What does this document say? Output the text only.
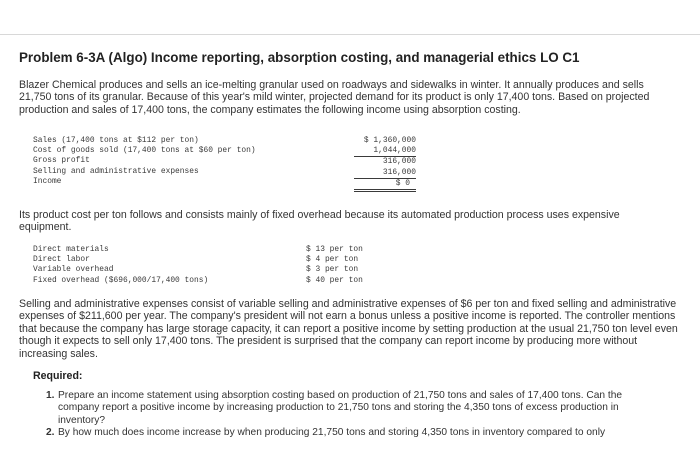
Problem 6-3A (Algo) Income reporting, absorption costing, and managerial ethics LO C1
Blazer Chemical produces and sells an ice-melting granular used on roadways and sidewalks in winter. It annually produces and sells 21,750 tons of its granular. Because of this year's mild winter, projected demand for its product is only 17,400 tons. Based on projected production and sales of 17,400 tons, the company estimates the following income using absorption costing.
Sales (17,400 tons at $112 per ton)
Cost of goods sold (17,400 tons at $60 per ton)
Gross profit
Selling and administrative expenses
Income
$ 1,360,000
1,044,000
316,000
316,000
$ 0
Its product cost per ton follows and consists mainly of fixed overhead because its automated production process uses expensive equipment.
Direct materials
Direct labor
Variable overhead
Fixed overhead ($696,000/17,400 tons)
$ 13 per ton
$ 4 per ton
$ 3 per ton
$ 40 per ton
Selling and administrative expenses consist of variable selling and administrative expenses of $6 per ton and fixed selling and administrative expenses of $211,600 per year. The company's president will not earn a bonus unless a positive income is reported. The controller mentions that because the company has large storage capacity, it can report a positive income by setting production at the usual 21,750 ton level even though it expects to sell only 17,400 tons. The president is surprised that the company can report income by producing more without increasing sales.
Required:
1. Prepare an income statement using absorption costing based on production of 21,750 tons and sales of 17,400 tons. Can the company report a positive income by increasing production to 21,750 tons and storing the 4,350 tons of excess production in inventory?
2. By how much does income increase by when producing 21,750 tons and storing 4,350 tons in inventory compared to only
